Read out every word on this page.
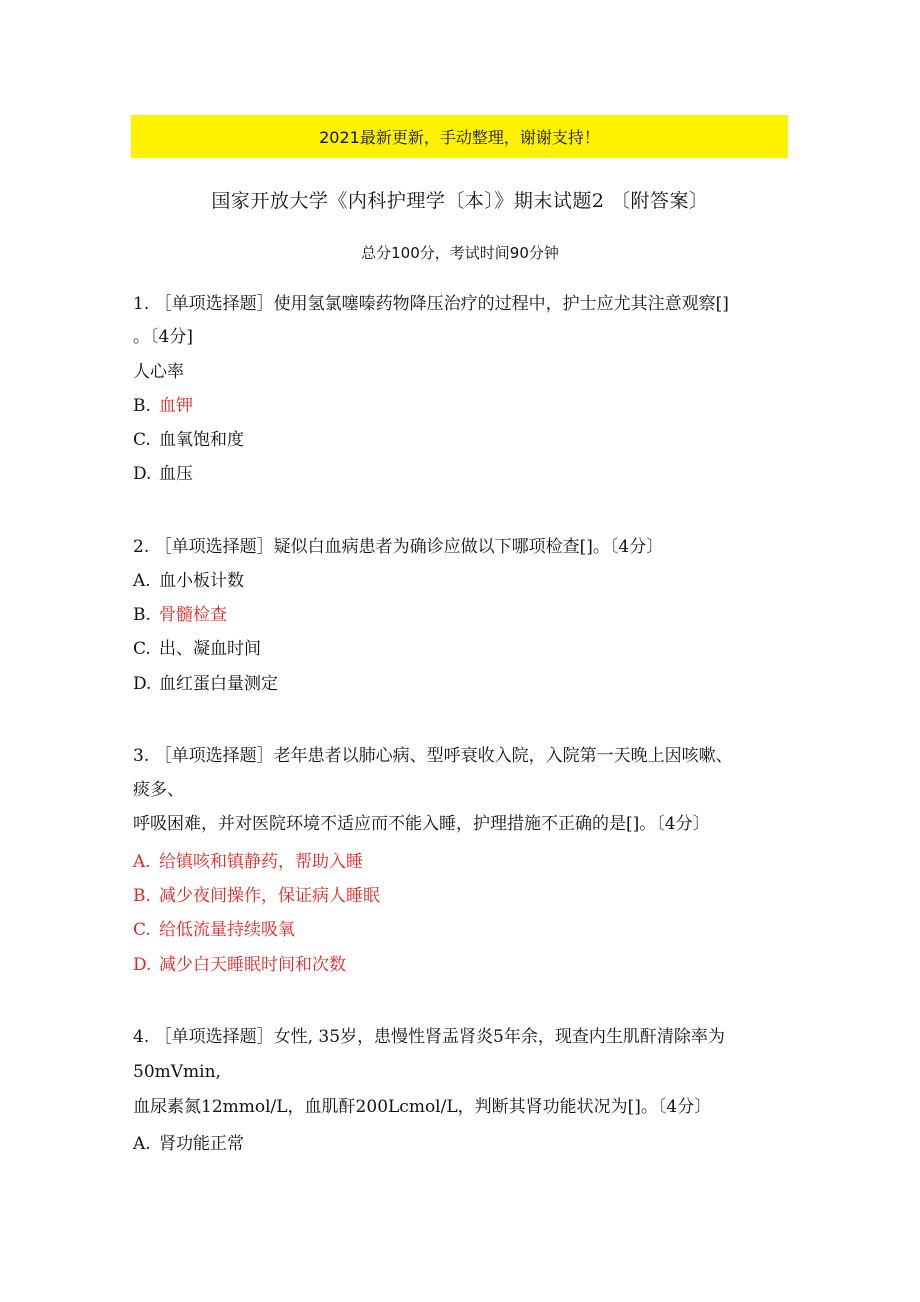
2021最新更新，手动整理，谢谢支持！
国家开放大学《内科护理学〔本〕》期末试题2 〔附答案〕
总分100分，考试时间90分钟
1. ［单项选择题］使用氢氯噻嗪药物降压治疗的过程中，护士应尤其注意观察[]
。〔4分]
人心率
B. 血钾
C. 血氧饱和度
D. 血压
2. ［单项选择题］疑似白血病患者为确诊应做以下哪项检查[]。〔4分〕
A. 血小板计数
B. 骨髓检查
C. 出、凝血时间
D. 血红蛋白量测定
3. ［单项选择题］老年患者以肺心病、型呼衰收入院，入院第一天晚上因咳嗽、
痰多、
呼吸困难，并对医院环境不适应而不能入睡，护理措施不正确的是[]。〔4分〕
A. 给镇咳和镇静药，帮助入睡
B. 减少夜间操作，保证病人睡眠
C. 给低流量持续吸氧
D. 减少白天睡眠时间和次数
4. ［单项选择题］女性, 35岁，患慢性肾盂肾炎5年余，现查内生肌酐清除率为
50mVmin,
血尿素氮12mmol/L，血肌酐200Lcmol/L，判断其肾功能状况为[]。〔4分〕
A. 肾功能正常
